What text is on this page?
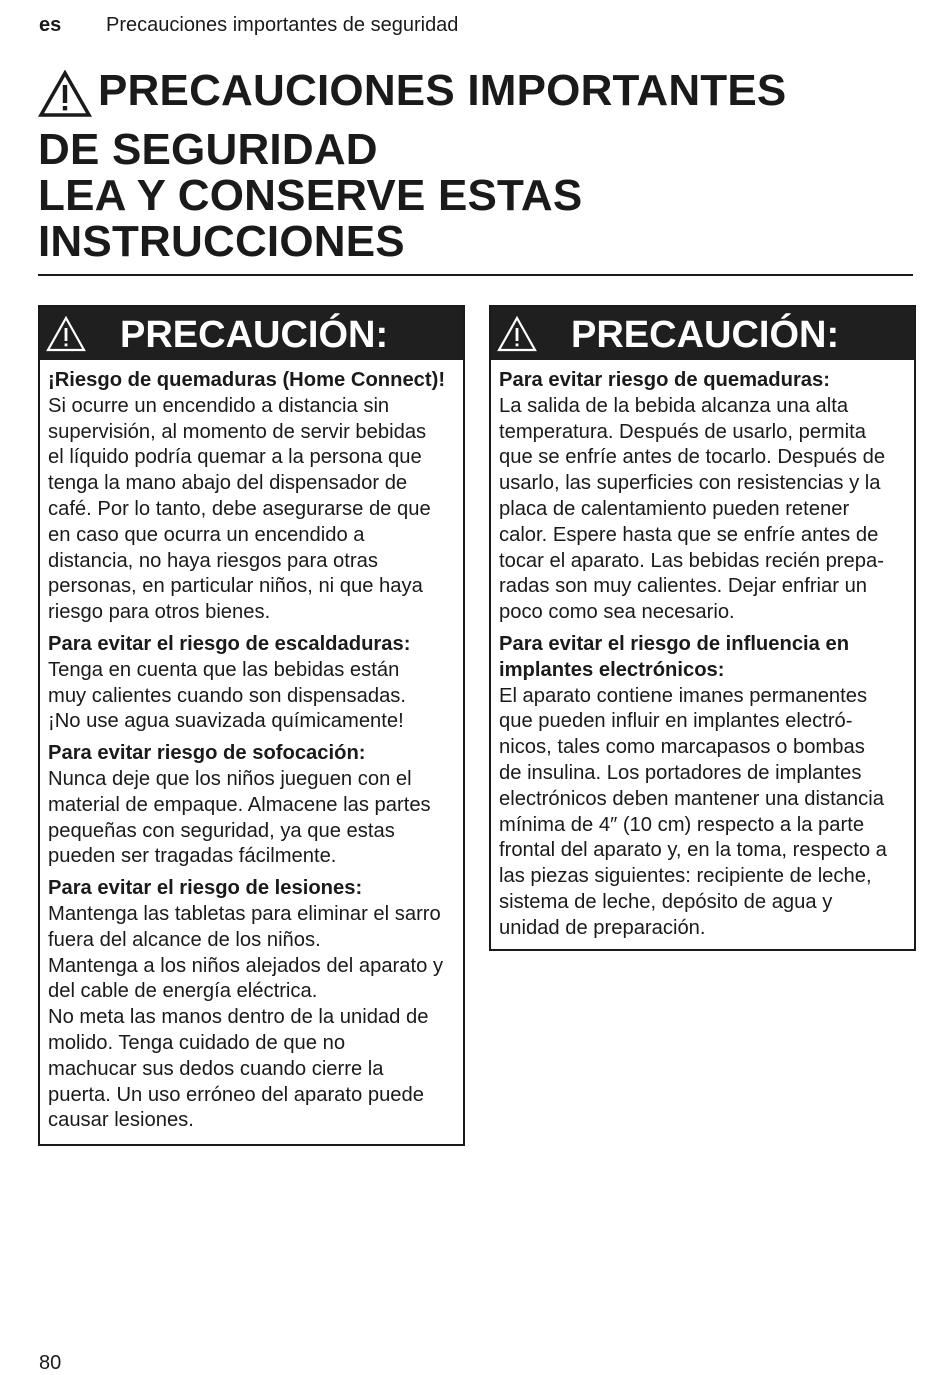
es Precauciones importantes de seguridad
PRECAUCIONES IMPORTANTES
DE SEGURIDAD
LEA Y CONSERVE ESTAS
INSTRUCCIONES
PRECAUCIÓN:

¡Riesgo de quemaduras (Home Connect)!
Si ocurre un encendido a distancia sin
supervisión, al momento de servir bebidas
el líquido podría quemar a la persona que
tenga la mano abajo del dispensador de
café. Por lo tanto, debe asegurarse de que
en caso que ocurra un encendido a
distancia, no haya riesgos para otras
personas, en particular niños, ni que haya
riesgo para otros bienes.

Para evitar el riesgo de escaldaduras:
Tenga en cuenta que las bebidas están
muy calientes cuando son dispensadas.
¡No use agua suavizada químicamente!

Para evitar riesgo de sofocación:
Nunca deje que los niños jueguen con el
material de empaque. Almacene las partes
pequeñas con seguridad, ya que estas
pueden ser tragadas fácilmente.

Para evitar el riesgo de lesiones:
Mantenga las tabletas para eliminar el sarro
fuera del alcance de los niños.
Mantenga a los niños alejados del aparato y
del cable de energía eléctrica.
No meta las manos dentro de la unidad de
molido. Tenga cuidado de que no
machucar sus dedos cuando cierre la
puerta. Un uso erróneo del aparato puede
causar lesiones.

PRECAUCIÓN:

Para evitar riesgo de quemaduras:
La salida de la bebida alcanza una alta
temperatura. Después de usarlo, permita
que se enfríe antes de tocarlo. Después de
usarlo, las superficies con resistencias y la
placa de calentamiento pueden retener
calor. Espere hasta que se enfríe antes de
tocar el aparato. Las bebidas recién prepa-
radas son muy calientes. Dejar enfriar un
poco como sea necesario.

Para evitar el riesgo de influencia en
implantes electrónicos:
El aparato contiene imanes permanentes
que pueden influir en implantes electró-
nicos, tales como marcapasos o bombas
de insulina. Los portadores de implantes
electrónicos deben mantener una distancia
mínima de 4″ (10 cm) respecto a la parte
frontal del aparato y, en la toma, respecto a
las piezas siguientes: recipiente de leche,
sistema de leche, depósito de agua y
unidad de preparación.

80
